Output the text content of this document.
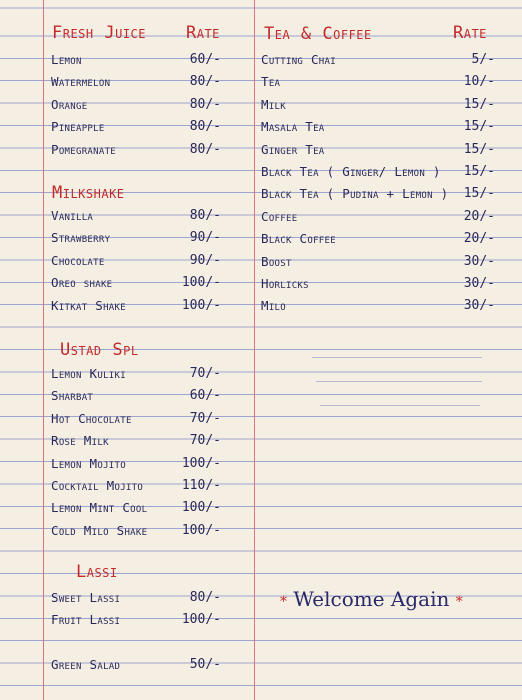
Fresh Juice Rate	Tea & Coffee	Rate
Milkshake
Ustad Spl
Lassi
Lemon	60/-
Watermelon	80/-
Orange	80/-
Pineapple	80/-
Pomegranate	80/-
Vanilla	80/-
Strawberry	90/-
Chocolate	90/-
Oreo shake	100/-
Kitkat Shake	100/-
Lemon Kuliki	70/-
Sharbat	60/-
Hot Chocolate	70/-
Rose Milk	70/-
Lemon Mojito	100/-
Cocktail Mojito	110/-
Lemon Mint Cool	100/-
Cold Milo Shake	100/-
Sweet Lassi	80/-
Fruit Lassi	100/-
Green Salad	50/-
Cutting Chai	5/-
Tea	10/-
Milk	15/-
Masala Tea	15/-
Ginger Tea	15/-
Black Tea ( Ginger/ Lemon ) 15/-
Black Tea ( Pudina + Lemon ) 15/-
Coffee	20/-
Black Coffee	20/-
Boost	30/-
Horlicks	30/-
Milo	30/-
* Welcome Again *
